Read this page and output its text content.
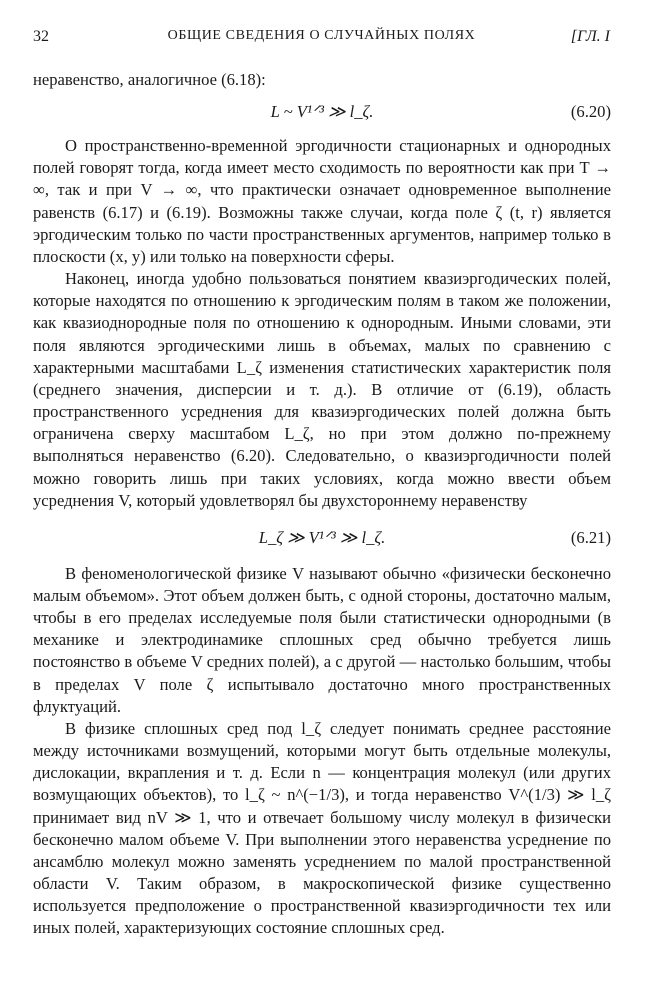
32	ОБЩИЕ СВЕДЕНИЯ О СЛУЧАЙНЫХ ПОЛЯХ	[ГЛ. I

неравенство, аналогичное (6.18):

L ~ V¹ᐟ³ ≫ l_ζ.	(6.20)

О пространственно-временной эргодичности стационарных и однородных полей говорят тогда, когда имеет место сходимость по вероятности как при T → ∞, так и при V → ∞, что практически означает одновременное выполнение равенств (6.17) и (6.19). Возможны также случаи, когда поле ζ (t, r) является эргодическим только по части пространственных аргументов, например только в плоскости (x, y) или только на поверхности сферы.

Наконец, иногда удобно пользоваться понятием квазиэргодических полей, которые находятся по отношению к эргодическим полям в таком же положении, как квазиоднородные поля по отношению к однородным. Иными словами, эти поля являются эргодическими лишь в объемах, малых по сравнению с характерными масштабами L_ζ изменения статистических характеристик поля (среднего значения, дисперсии и т. д.). В отличие от (6.19), область пространственного усреднения для квазиэргодических полей должна быть ограничена сверху масштабом L_ζ, но при этом должно по-прежнему выполняться неравенство (6.20). Следовательно, о квазиэргодичности полей можно говорить лишь при таких условиях, когда можно ввести объем усреднения V, который удовлетворял бы двухстороннему неравенству

L_ζ ≫ V¹ᐟ³ ≫ l_ζ.	(6.21)

В феноменологической физике V называют обычно «физически бесконечно малым объемом». Этот объем должен быть, с одной стороны, достаточно малым, чтобы в его пределах исследуемые поля были статистически однородными (в механике и электродинамике сплошных сред обычно требуется лишь постоянство в объеме V средних полей), а с другой — настолько большим, чтобы в пределах V поле ζ испытывало достаточно много пространственных флуктуаций.

В физике сплошных сред под l_ζ следует понимать среднее расстояние между источниками возмущений, которыми могут быть отдельные молекулы, дислокации, вкрапления и т. д. Если n — концентрация молекул (или других возмущающих объектов), то l_ζ ~ n^(−1/3), и тогда неравенство V^(1/3) ≫ l_ζ принимает вид nV ≫ 1, что и отвечает большому числу молекул в физически бесконечно малом объеме V. При выполнении этого неравенства усреднение по ансамблю молекул можно заменять усреднением по малой пространственной области V. Таким образом, в макроскопической физике существенно используется предположение о пространственной квазиэргодичности тех или иных полей, характеризующих состояние сплошных сред.
